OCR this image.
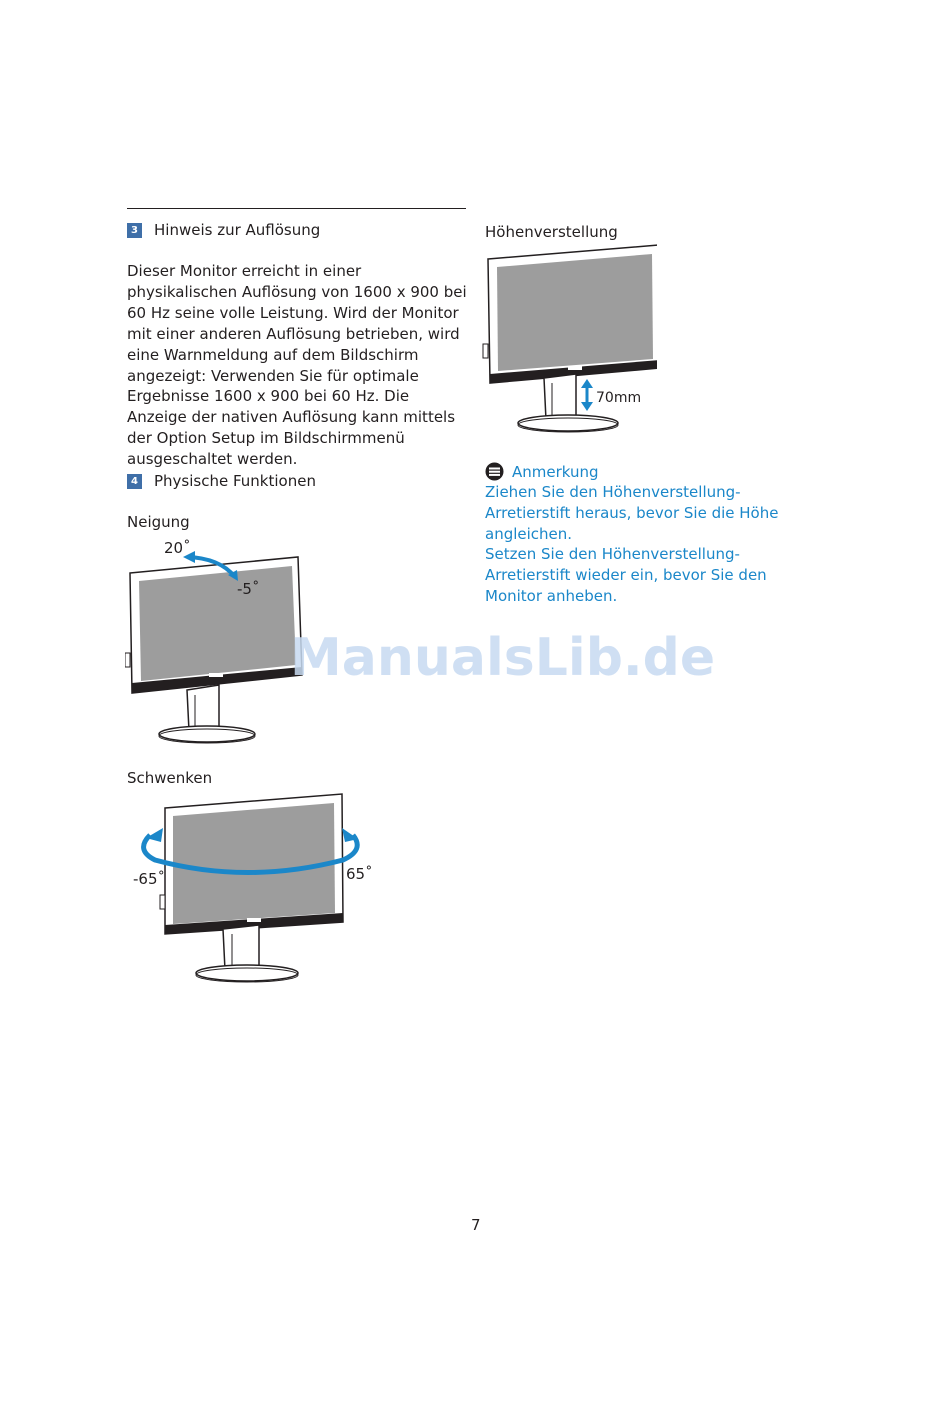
3 Hinweis zur Auflösung
Dieser Monitor erreicht in einer physikalischen Auflösung von 1600 x 900 bei 60 Hz seine volle Leistung. Wird der Monitor mit einer anderen Auflösung betrieben, wird eine Warnmeldung auf dem Bildschirm angezeigt: Verwenden Sie für optimale Ergebnisse 1600 x 900 bei 60 Hz. Die Anzeige der nativen Auflösung kann mittels der Option Setup im Bildschirmmenü ausgeschaltet werden.
4 Physische Funktionen
Neigung
20˚
-5˚
Schwenken
-65˚	65˚
Höhenverstellung
70mm
Anmerkung
Ziehen Sie den Höhenverstellung-Arretierstift heraus, bevor Sie die Höhe angleichen.
Setzen Sie den Höhenverstellung-Arretierstift wieder ein, bevor Sie den Monitor anheben.
ManualsLib.de
7
